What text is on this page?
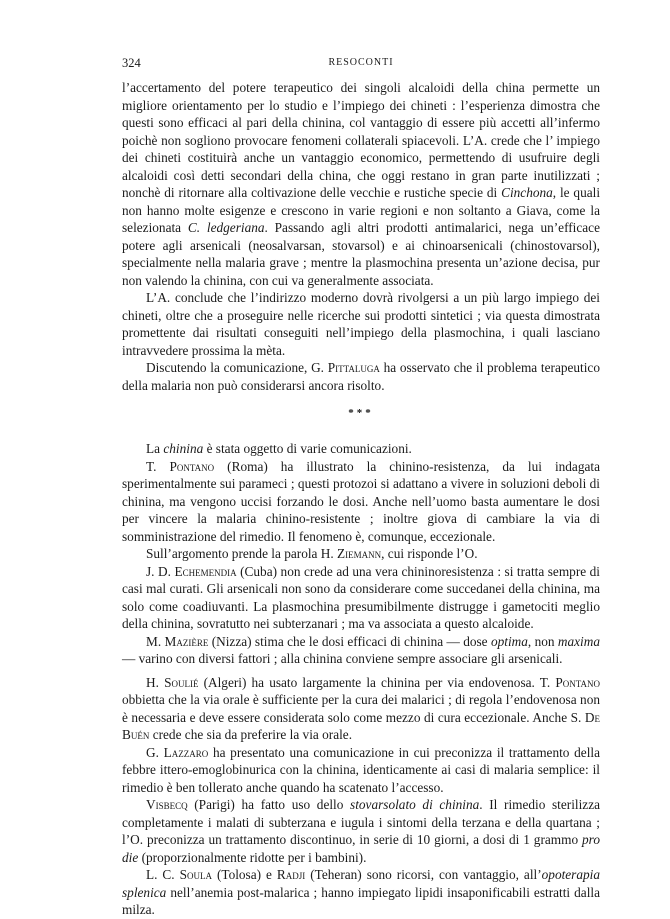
324	RESOCONTI

l’accertamento del potere terapeutico dei singoli alcaloidi della china permette un migliore orientamento per lo studio e l’impiego dei chineti : l’esperienza dimostra che questi sono efficaci al pari della chinina, col vantaggio di essere più accetti all’infermo poichè non sogliono provocare fenomeni collaterali spiacevoli. L’A. crede che l’ impiego dei chineti costituirà anche un vantaggio economico, permettendo di usufruire degli alcaloidi così detti secondari della china, che oggi restano in gran parte inutilizzati ; nonchè di ritornare alla coltivazione delle vecchie e rustiche specie di Cinchona, le quali non hanno molte esigenze e crescono in varie regioni e non soltanto a Giava, come la selezionata C. ledgeriana. Passando agli altri prodotti antimalarici, nega un’efficace potere agli arsenicali (neosalvarsan, stovarsol) e ai chinoarsenicali (chinostovarsol), specialmente nella malaria grave ; mentre la plasmochina presenta un’azione decisa, pur non valendo la chinina, con cui va generalmente associata.

L’A. conclude che l’indirizzo moderno dovrà rivolgersi a un più largo impiego dei chineti, oltre che a proseguire nelle ricerche sui prodotti sintetici ; via questa dimostrata promettente dai risultati conseguiti nell’impiego della plasmochina, i quali lasciano intravvedere prossima la mèta.

Discutendo la comunicazione, G. Pittaluga ha osservato che il problema terapeutico della malaria non può considerarsi ancora risolto.

***

La chinina è stata oggetto di varie comunicazioni.

T. Pontano (Roma) ha illustrato la chinino-resistenza, da lui indagata sperimentalmente sui parameci ; questi protozoi si adattano a vivere in soluzioni deboli di chinina, ma vengono uccisi forzando le dosi. Anche nell’uomo basta aumentare le dosi per vincere la malaria chinino-resistente ; inoltre giova di cambiare la via di somministrazione del rimedio. Il fenomeno è, comunque, eccezionale.

Sull’argomento prende la parola H. Ziemann, cui risponde l’O.

J. D. Echemendia (Cuba) non crede ad una vera chininoresistenza : si tratta sempre di casi mal curati. Gli arsenicali non sono da considerare come succedanei della chinina, ma solo come coadiuvanti. La plasmochina presumibilmente distrugge i gametociti meglio della chinina, sovratutto nei subterzanari ; ma va associata a questo alcaloide.

M. Mazière (Nizza) stima che le dosi efficaci di chinina — dose optima, non maxima — varino con diversi fattori ; alla chinina conviene sempre associare gli arsenicali.

H. Soulié (Algeri) ha usato largamente la chinina per via endovenosa. T. Pontano obbietta che la via orale è sufficiente per la cura dei malarici ; di regola l’endovenosa non è necessaria e deve essere considerata solo come mezzo di cura eccezionale. Anche S. De Buén crede che sia da preferire la via orale.

G. Lazzaro ha presentato una comunicazione in cui preconizza il trattamento della febbre ittero-emoglobinurica con la chinina, identicamente ai casi di malaria semplice: il rimedio è ben tollerato anche quando ha scatenato l’accesso.

Visbecq (Parigi) ha fatto uso dello stovarsolato di chinina. Il rimedio sterilizza completamente i malati di subterzana e iugula i sintomi della terzana e della quartana ; l’O. preconizza un trattamento discontinuo, in serie di 10 giorni, a dosi di 1 grammo pro die (proporzionalmente ridotte per i bambini).

L. C. Soula (Tolosa) e Radji (Teheran) sono ricorsi, con vantaggio, all’opoterapia splenica nell’anemia post-malarica ; hanno impiegato lipidi insaponificabili estratti dalla milza.
